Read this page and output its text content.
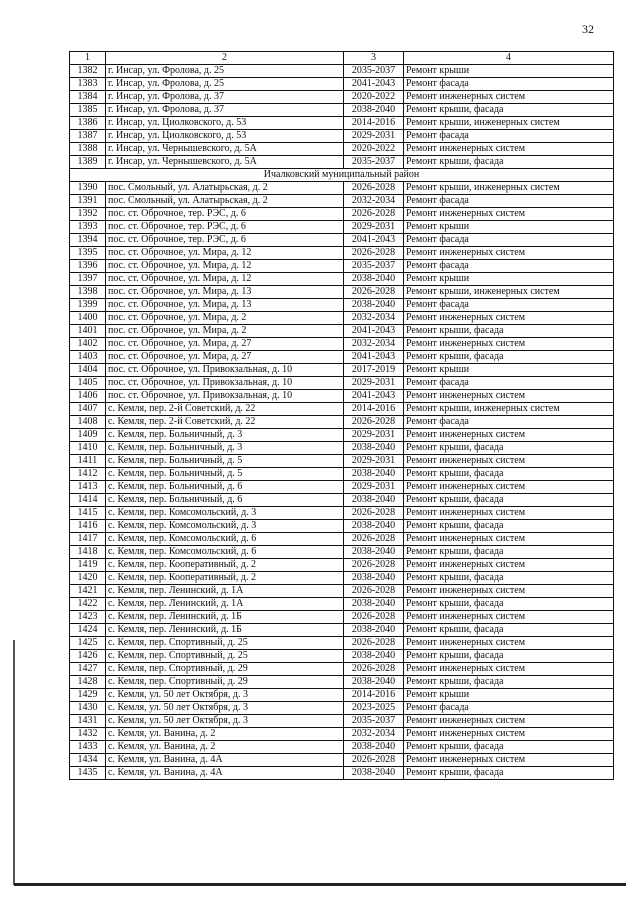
32
1	2	3	4
1382	г. Инсар, ул. Фролова, д. 25	2035-2037	Ремонт крыши
1383	г. Инсар, ул. Фролова, д. 25	2041-2043	Ремонт фасада
1384	г. Инсар, ул. Фролова, д. 37	2020-2022	Ремонт инженерных систем
1385	г. Инсар, ул. Фролова, д. 37	2038-2040	Ремонт крыши, фасада
1386	г. Инсар, ул. Циолковского, д. 53	2014-2016	Ремонт крыши, инженерных систем
1387	г. Инсар, ул. Циолковского, д. 53	2029-2031	Ремонт фасада
1388	г. Инсар, ул. Чернышевского, д. 5А	2020-2022	Ремонт инженерных систем
1389	г. Инсар, ул. Чернышевского, д. 5А	2035-2037	Ремонт крыши, фасада
Ичалковский муниципальный район			
1390	пос. Смольный, ул. Алатырьская, д. 2	2026-2028	Ремонт крыши, инженерных систем
1391	пос. Смольный, ул. Алатырьская, д. 2	2032-2034	Ремонт фасада
1392	пос. ст. Оброчное, тер. РЭС, д. 6	2026-2028	Ремонт инженерных систем
1393	пос. ст. Оброчное, тер. РЭС, д. 6	2029-2031	Ремонт крыши
1394	пос. ст. Оброчное, тер. РЭС, д. 6	2041-2043	Ремонт фасада
1395	пос. ст. Оброчное, ул. Мира, д. 12	2026-2028	Ремонт инженерных систем
1396	пос. ст. Оброчное, ул. Мира, д. 12	2035-2037	Ремонт фасада
1397	пос. ст. Оброчное, ул. Мира, д. 12	2038-2040	Ремонт крыши
1398	пос. ст. Оброчное, ул. Мира, д. 13	2026-2028	Ремонт крыши, инженерных систем
1399	пос. ст. Оброчное, ул. Мира, д. 13	2038-2040	Ремонт фасада
1400	пос. ст. Оброчное, ул. Мира, д. 2	2032-2034	Ремонт инженерных систем
1401	пос. ст. Оброчное, ул. Мира, д. 2	2041-2043	Ремонт крыши, фасада
1402	пос. ст. Оброчное, ул. Мира, д. 27	2032-2034	Ремонт инженерных систем
1403	пос. ст. Оброчное, ул. Мира, д. 27	2041-2043	Ремонт крыши, фасада
1404	пос. ст. Оброчное, ул. Привокзальная, д. 10	2017-2019	Ремонт крыши
1405	пос. ст. Оброчное, ул. Привокзальная, д. 10	2029-2031	Ремонт фасада
1406	пос. ст. Оброчное, ул. Привокзальная, д. 10	2041-2043	Ремонт инженерных систем
1407	с. Кемля, пер. 2-й Советский, д. 22	2014-2016	Ремонт крыши, инженерных систем
1408	с. Кемля, пер. 2-й Советский, д. 22	2026-2028	Ремонт фасада
1409	с. Кемля, пер. Больничный, д. 3	2029-2031	Ремонт инженерных систем
1410	с. Кемля, пер. Больничный, д. 3	2038-2040	Ремонт крыши, фасада
1411	с. Кемля, пер. Больничный, д. 5	2029-2031	Ремонт инженерных систем
1412	с. Кемля, пер. Больничный, д. 5	2038-2040	Ремонт крыши, фасада
1413	с. Кемля, пер. Больничный, д. 6	2029-2031	Ремонт инженерных систем
1414	с. Кемля, пер. Больничный, д. 6	2038-2040	Ремонт крыши, фасада
1415	с. Кемля, пер. Комсомольский, д. 3	2026-2028	Ремонт инженерных систем
1416	с. Кемля, пер. Комсомольский, д. 3	2038-2040	Ремонт крыши, фасада
1417	с. Кемля, пер. Комсомольский, д. 6	2026-2028	Ремонт инженерных систем
1418	с. Кемля, пер. Комсомольский, д. 6	2038-2040	Ремонт крыши, фасада
1419	с. Кемля, пер. Кооперативный, д. 2	2026-2028	Ремонт инженерных систем
1420	с. Кемля, пер. Кооперативный, д. 2	2038-2040	Ремонт крыши, фасада
1421	с. Кемля, пер. Ленинский, д. 1А	2026-2028	Ремонт инженерных систем
1422	с. Кемля, пер. Ленинский, д. 1А	2038-2040	Ремонт крыши, фасада
1423	с. Кемля, пер. Ленинский, д. 1Б	2026-2028	Ремонт инженерных систем
1424	с. Кемля, пер. Ленинский, д. 1Б	2038-2040	Ремонт крыши, фасада
1425	с. Кемля, пер. Спортивный, д. 25	2026-2028	Ремонт инженерных систем
1426	с. Кемля, пер. Спортивный, д. 25	2038-2040	Ремонт крыши, фасада
1427	с. Кемля, пер. Спортивный, д. 29	2026-2028	Ремонт инженерных систем
1428	с. Кемля, пер. Спортивный, д. 29	2038-2040	Ремонт крыши, фасада
1429	с. Кемля, ул. 50 лет Октября, д. 3	2014-2016	Ремонт крыши
1430	с. Кемля, ул. 50 лет Октября, д. 3	2023-2025	Ремонт фасада
1431	с. Кемля, ул. 50 лет Октября, д. 3	2035-2037	Ремонт инженерных систем
1432	с. Кемля, ул. Ванина, д. 2	2032-2034	Ремонт инженерных систем
1433	с. Кемля, ул. Ванина, д. 2	2038-2040	Ремонт крыши, фасада
1434	с. Кемля, ул. Ванина, д. 4А	2026-2028	Ремонт инженерных систем
1435	с. Кемля, ул. Ванина, д. 4А	2038-2040	Ремонт крыши, фасада
